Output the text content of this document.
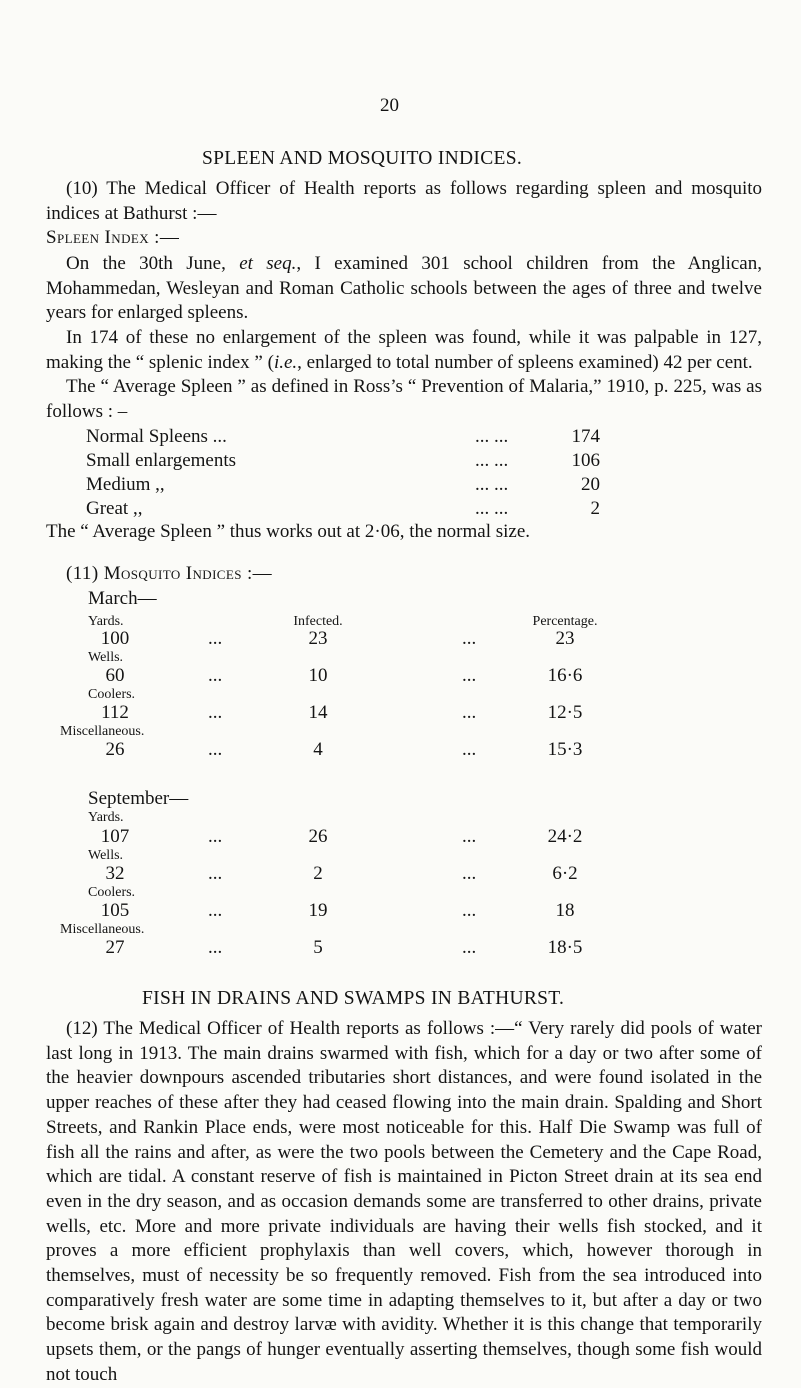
20
SPLEEN AND MOSQUITO INDICES.
(10) The Medical Officer of Health reports as follows regarding spleen and mosquito indices at Bathurst :—
Spleen Index :—
On the 30th June, et seq., I examined 301 school children from the Anglican, Mohammedan, Wesleyan and Roman Catholic schools between the ages of three and twelve years for enlarged spleens.
In 174 of these no enlargement of the spleen was found, while it was palpable in 127, making the “ splenic index ” (i.e., enlarged to total number of spleens examined) 42 per cent.
The “ Average Spleen ” as defined in Ross’s “ Prevention of Malaria,” 1910, p. 225, was as follows : –
Normal Spleens ...	... ...	174
Small enlargements	... ...	106
Medium ,,	... ...	20
Great ,,	... ...	2
The “ Average Spleen ” thus works out at 2·06, the normal size.
(11) Mosquito Indices :—
March—
Infected.	Percentage.
Yards.
100	...	23	...	23
Wells.
60	...	10	...	16·6
Coolers.
112	...	14	...	12·5
Miscellaneous.
26	...	4	...	15·3
September—
Yards.
107	...	26	...	24·2
Wells.
32	...	2	...	6·2
Coolers.
105	...	19	...	18
Miscellaneous.
27	...	5	...	18·5
FISH IN DRAINS AND SWAMPS IN BATHURST.
(12) The Medical Officer of Health reports as follows :—“ Very rarely did pools of water last long in 1913. The main drains swarmed with fish, which for a day or two after some of the heavier downpours ascended tributaries short distances, and were found isolated in the upper reaches of these after they had ceased flowing into the main drain. Spalding and Short Streets, and Rankin Place ends, were most noticeable for this. Half Die Swamp was full of fish all the rains and after, as were the two pools between the Cemetery and the Cape Road, which are tidal. A constant reserve of fish is maintained in Picton Street drain at its sea end even in the dry season, and as occasion demands some are transferred to other drains, private wells, etc. More and more private individuals are having their wells fish stocked, and it proves a more efficient prophylaxis than well covers, which, however thorough in themselves, must of necessity be so frequently removed. Fish from the sea introduced into comparatively fresh water are some time in adapting themselves to it, but after a day or two become brisk again and destroy larvæ with avidity. Whether it is this change that temporarily upsets them, or the pangs of hunger eventually asserting themselves, though some fish would not touch
